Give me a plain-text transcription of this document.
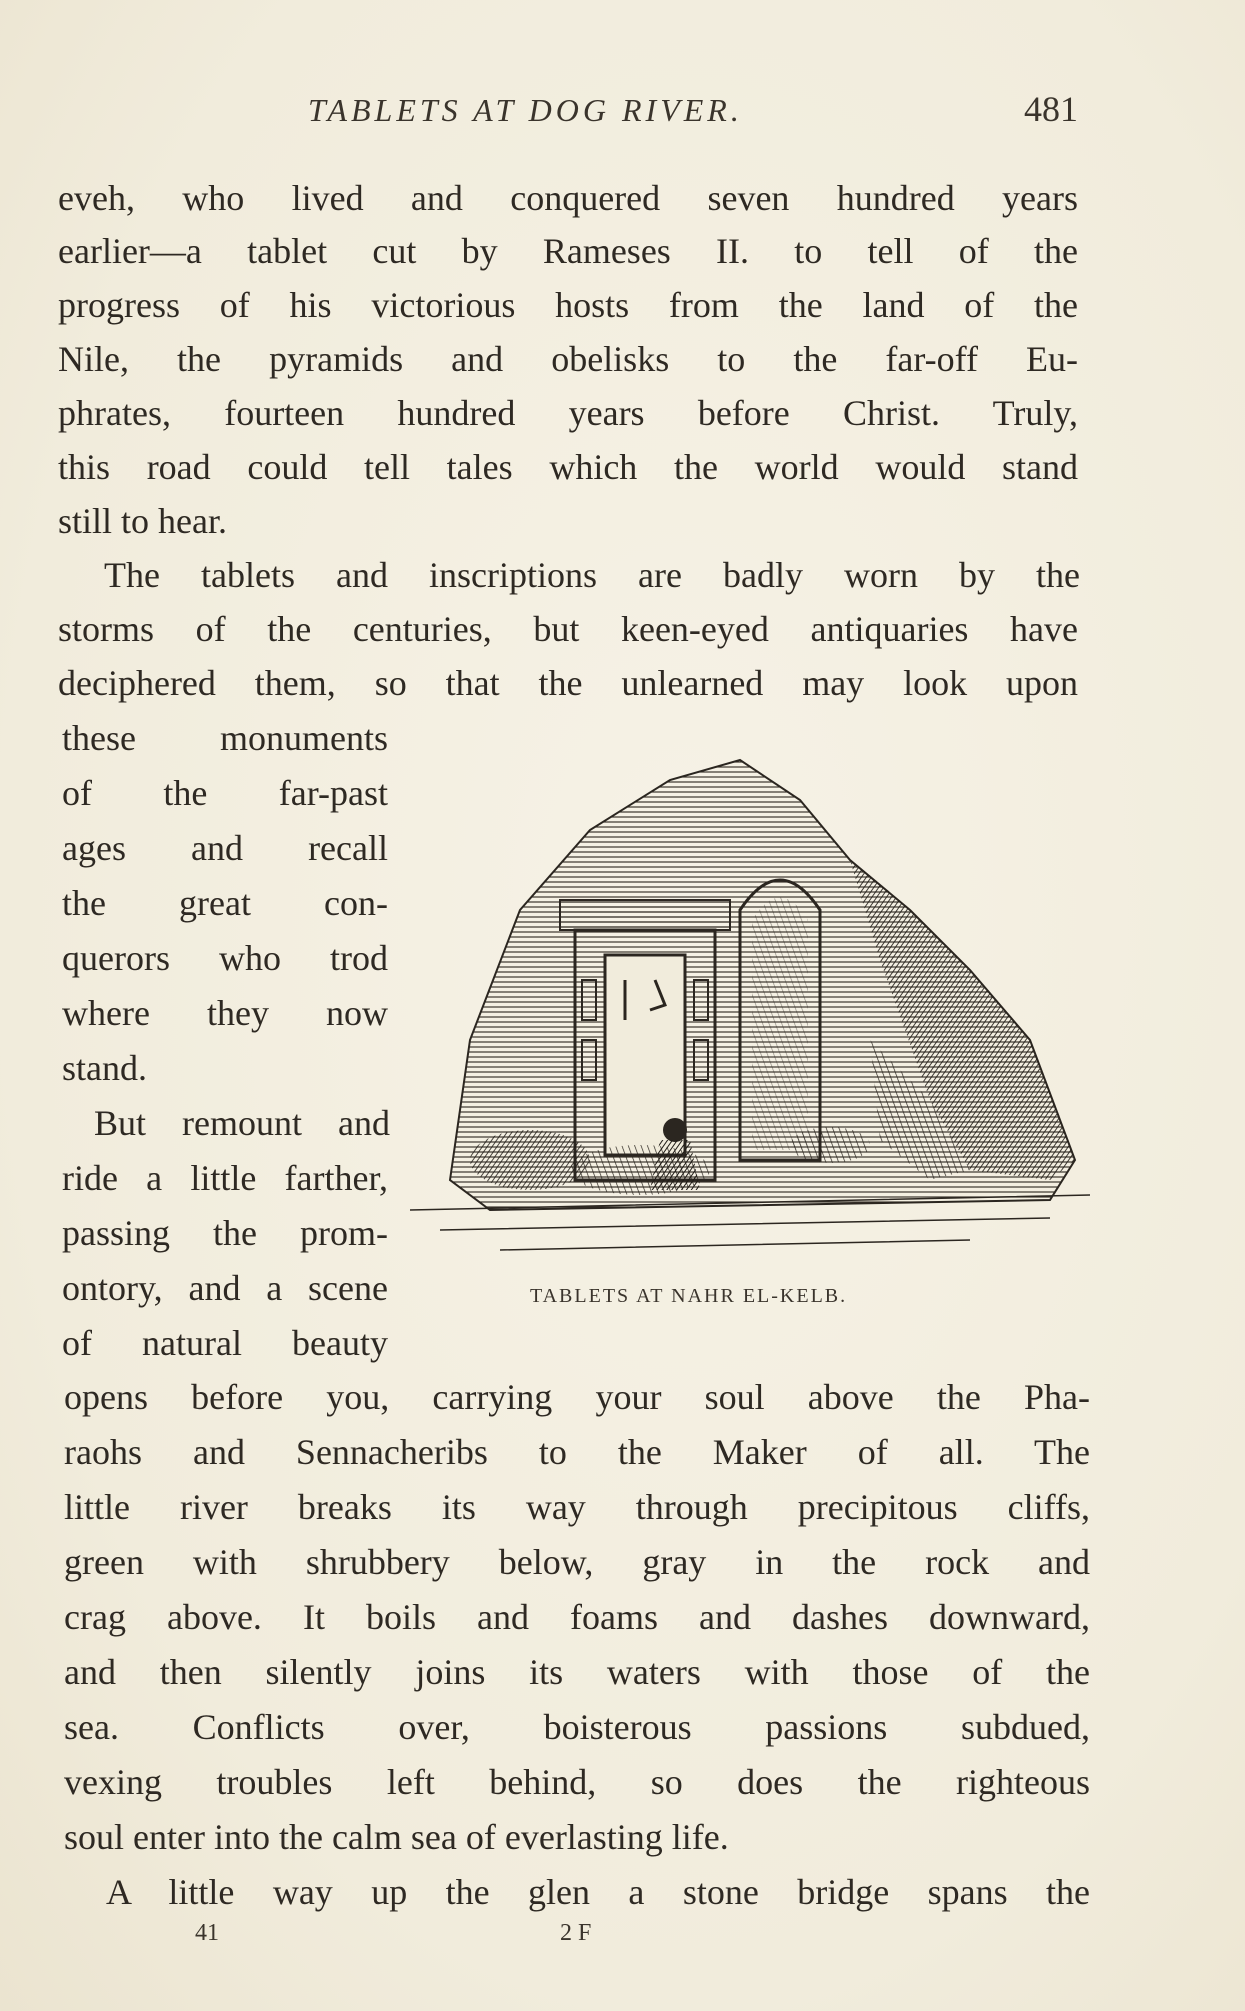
TABLETS AT DOG RIVER.	481
eveh, who lived and conquered seven hundred years
earlier—a tablet cut by Rameses II. to tell of the
progress of his victorious hosts from the land of the
Nile, the pyramids and obelisks to the far-off Eu-
phrates, fourteen hundred years before Christ. Truly,
this road could tell tales which the world would stand
still to hear.
The tablets and inscriptions are badly worn by the
storms of the centuries, but keen-eyed antiquaries have
deciphered them, so that the unlearned may look upon
these monuments
of the far-past
ages and recall
the great con-
querors who trod
where they now
stand.
But remount and
ride a little farther,
passing the prom-
ontory, and a scene
of natural beauty
opens before you, carrying your soul above the Pha-
raohs and Sennacheribs to the Maker of all. The
little river breaks its way through precipitous cliffs,
green with shrubbery below, gray in the rock and
crag above. It boils and foams and dashes downward,
and then silently joins its waters with those of the
sea. Conflicts over, boisterous passions subdued,
vexing troubles left behind, so does the righteous
soul enter into the calm sea of everlasting life.
A little way up the glen a stone bridge spans the
TABLETS AT NAHR EL-KELB.
41	2 F
